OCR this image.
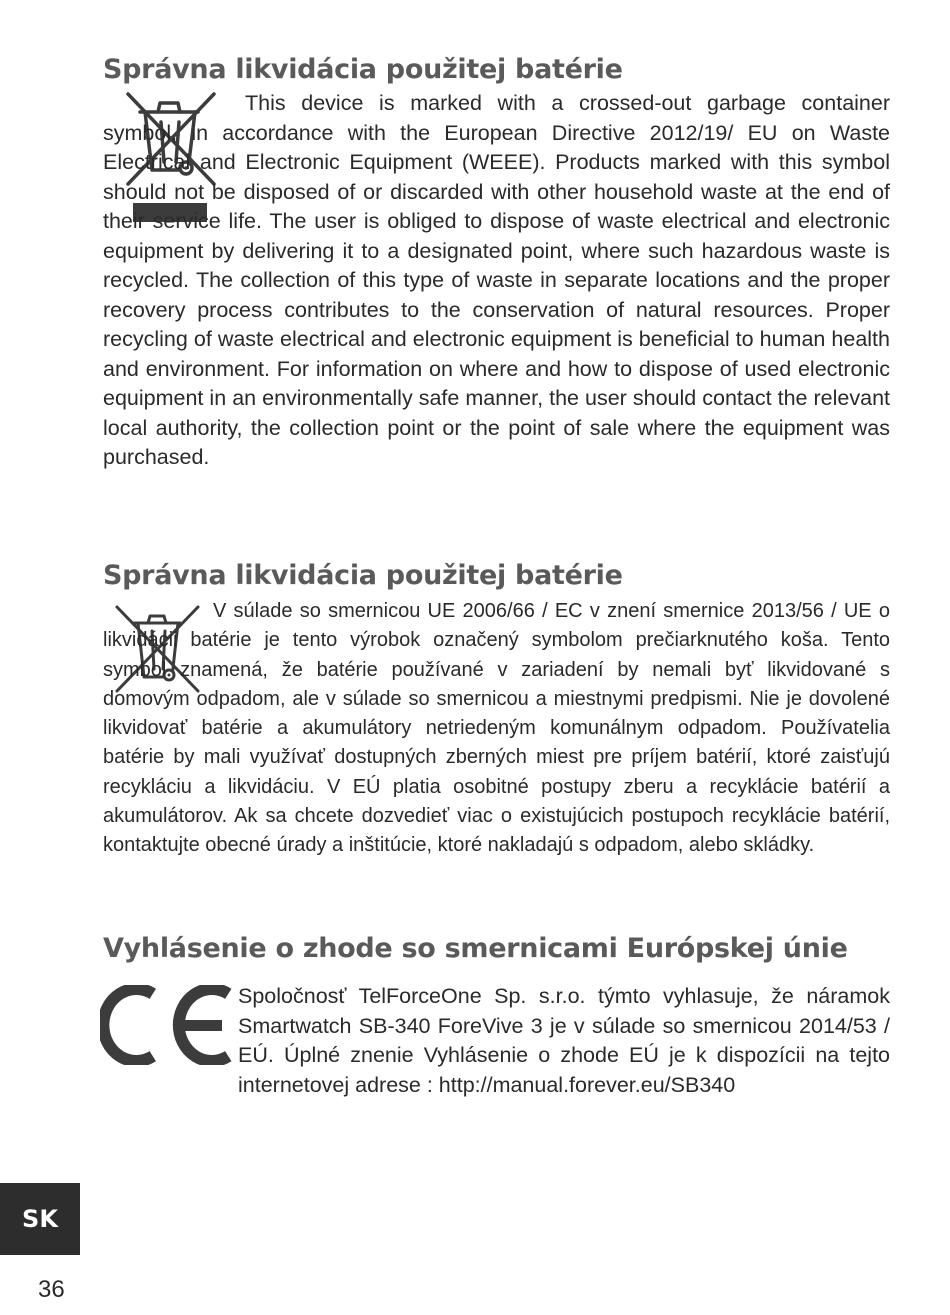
Správna likvidácia použitej batérie

This device is marked with a crossed-out garbage container symbol, in accordance with the European Directive 2012/19/ EU on Waste Electrical and Electronic Equipment (WEEE). Products marked with this symbol should not be disposed of or discarded with other household waste at the end of their service life. The user is obliged to dispose of waste electrical and electronic equipment by delivering it to a designated point, where such hazardous waste is recycled. The collection of this type of waste in separate locations and the proper recovery process contributes to the conservation of natural resources. Proper recycling of waste electrical and electronic equipment is beneficial to human health and environment. For information on where and how to dispose of used electronic equipment in an environmentally safe manner, the user should contact the relevant local authority, the collection point or the point of sale where the equipment was purchased.

Správna likvidácia použitej batérie

V súlade so smernicou UE 2006/66 / EC v znení smernice 2013/56 / UE o likvidácii batérie je tento výrobok označený symbolom prečiarknutého koša. Tento symbol znamená, že batérie používané v zariadení by nemali byť likvidované s domovým odpadom, ale v súlade so smernicou a miestnymi predpismi. Nie je dovolené likvidovať batérie a akumulátory netriedeným komunálnym odpadom. Používatelia batérie by mali využívať dostupných zberných miest pre príjem batérií, ktoré zaisťujú recykláciu a likvidáciu. V EÚ platia osobitné postupy zberu a recyklácie batérií a akumulátorov. Ak sa chcete dozvedieť viac o existujúcich postupoch recyklácie batérií, kontaktujte obecné úrady a inštitúcie, ktoré nakladajú s odpadom, alebo skládky.

Vyhlásenie o zhode so smernicami Európskej únie

Spoločnosť TelForceOne Sp. s.r.o. týmto vyhlasuje, že náramok Smartwatch SB-340 ForeVive 3 je v súlade so smernicou 2014/53 / EÚ. Úplné znenie Vyhlásenie o zhode EÚ je k dispozícii na tejto internetovej adrese : http://manual.forever.eu/SB340

SK

36
